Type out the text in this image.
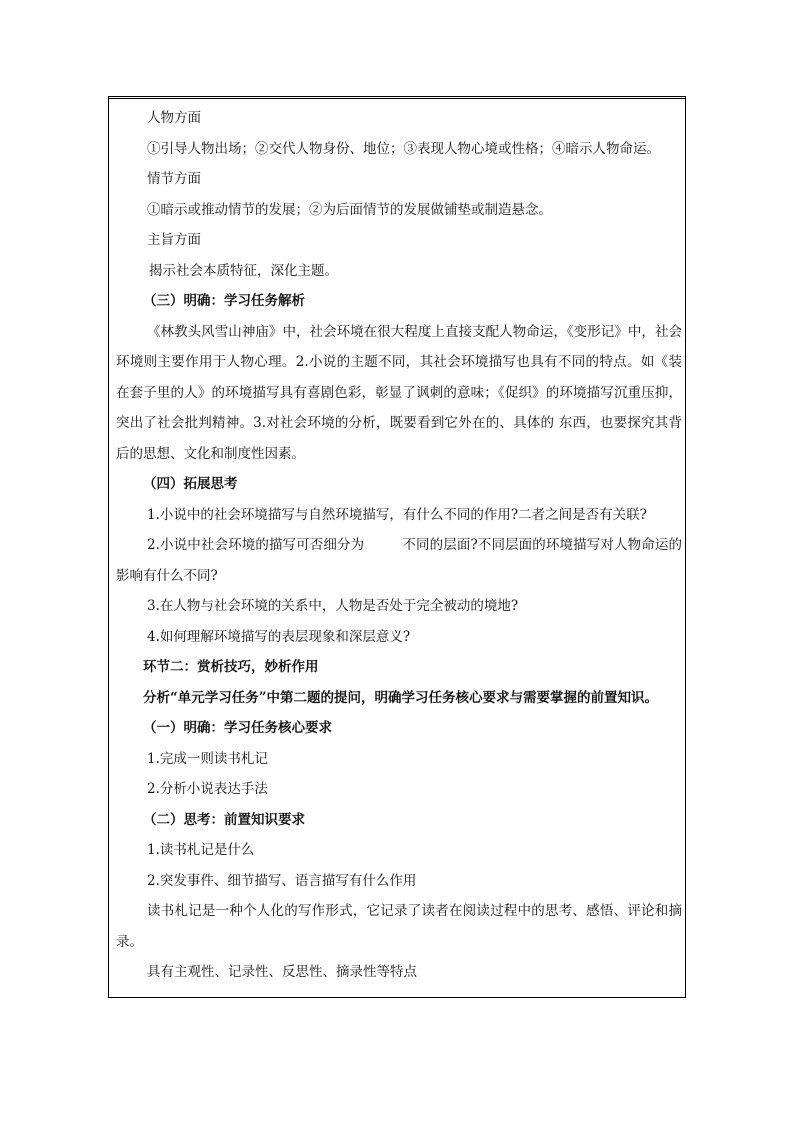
人物方面

①引导人物出场；②交代人物身份、地位；③表现人物心境或性格；④暗示人物命运。

情节方面

①暗示或推动情节的发展；②为后面情节的发展做铺垫或制造悬念。

主旨方面

揭示社会本质特征，深化主题。

（三）明确：学习任务解析

《林教头风雪山神庙》中，社会环境在很大程度上直接支配人物命运，《变形记》中，社会环境则主要作用于人物心理。2.小说的主题不同，其社会环境描写也具有不同的特点。如《装在套子里的人》的环境描写具有喜剧色彩，彰显了讽刺的意味；《促织》的环境描写沉重压抑，突出了社会批判精神。3.对社会环境的分析，既要看到它外在的、具体的 东西，也要探究其背后的思想、文化和制度性因素。

（四）拓展思考

1.小说中的社会环境描写与自然环境描写，有什么不同的作用?二者之间是否有关联?

2.小说中社会环境的描写可否细分为	不同的层面?不同层面的环境描写对人物命运的影响有什么不同?

3.在人物与社会环境的关系中，人物是否处于完全被动的境地?

4.如何理解环境描写的表层现象和深层意义?

环节二：赏析技巧，妙析作用

分析“单元学习任务”中第二题的提问，明确学习任务核心要求与需要掌握的前置知识。

（一）明确：学习任务核心要求

1.完成一则读书札记

2.分析小说表达手法

（二）思考：前置知识要求

1.读书札记是什么

2.突发事件、细节描写、语言描写有什么作用

读书札记是一种个人化的写作形式，它记录了读者在阅读过程中的思考、感悟、评论和摘录。

具有主观性、记录性、反思性、摘录性等特点
